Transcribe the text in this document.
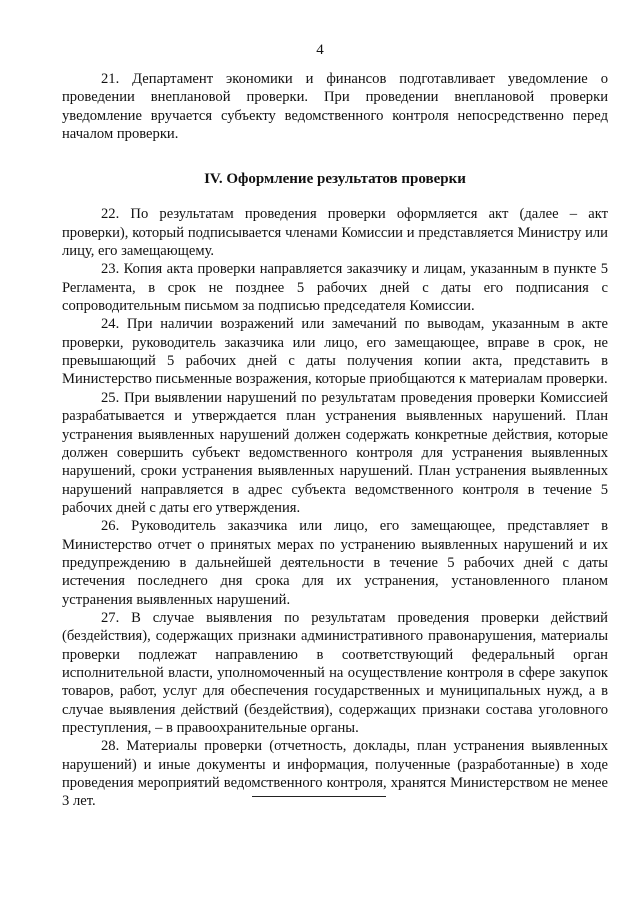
4

21. Департамент экономики и финансов подготавливает уведомление о проведении внеплановой проверки. При проведении внеплановой проверки уведомление вручается субъекту ведомственного контроля непосредственно перед началом проверки.

IV. Оформление результатов проверки

22. По результатам проведения проверки оформляется акт (далее – акт проверки), который подписывается членами Комиссии и представляется Министру или лицу, его замещающему.

23. Копия акта проверки направляется заказчику и лицам, указанным в пункте 5 Регламента, в срок не позднее 5 рабочих дней с даты его подписания с сопроводительным письмом за подписью председателя Комиссии.

24. При наличии возражений или замечаний по выводам, указанным в акте проверки, руководитель заказчика или лицо, его замещающее, вправе в срок, не превышающий 5 рабочих дней с даты получения копии акта, представить в Министерство письменные возражения, которые приобщаются к материалам проверки.

25. При выявлении нарушений по результатам проведения проверки Комиссией разрабатывается и утверждается план устранения выявленных нарушений. План устранения выявленных нарушений должен содержать конкретные действия, которые должен совершить субъект ведомственного контроля для устранения выявленных нарушений, сроки устранения выявленных нарушений. План устранения выявленных нарушений направляется в адрес субъекта ведомственного контроля в течение 5 рабочих дней с даты его утверждения.

26. Руководитель заказчика или лицо, его замещающее, представляет в Министерство отчет о принятых мерах по устранению выявленных нарушений и их предупреждению в дальнейшей деятельности в течение 5 рабочих дней с даты истечения последнего дня срока для их устранения, установленного планом устранения выявленных нарушений.

27. В случае выявления по результатам проведения проверки действий (бездействия), содержащих признаки административного правонарушения, материалы проверки подлежат направлению в соответствующий федеральный орган исполнительной власти, уполномоченный на осуществление контроля в сфере закупок товаров, работ, услуг для обеспечения государственных и муниципальных нужд, а в случае выявления действий (бездействия), содержащих признаки состава уголовного преступления, – в правоохранительные органы.

28. Материалы проверки (отчетность, доклады, план устранения выявленных нарушений) и иные документы и информация, полученные (разработанные) в ходе проведения мероприятий ведомственного контроля, хранятся Министерством не менее 3 лет.
